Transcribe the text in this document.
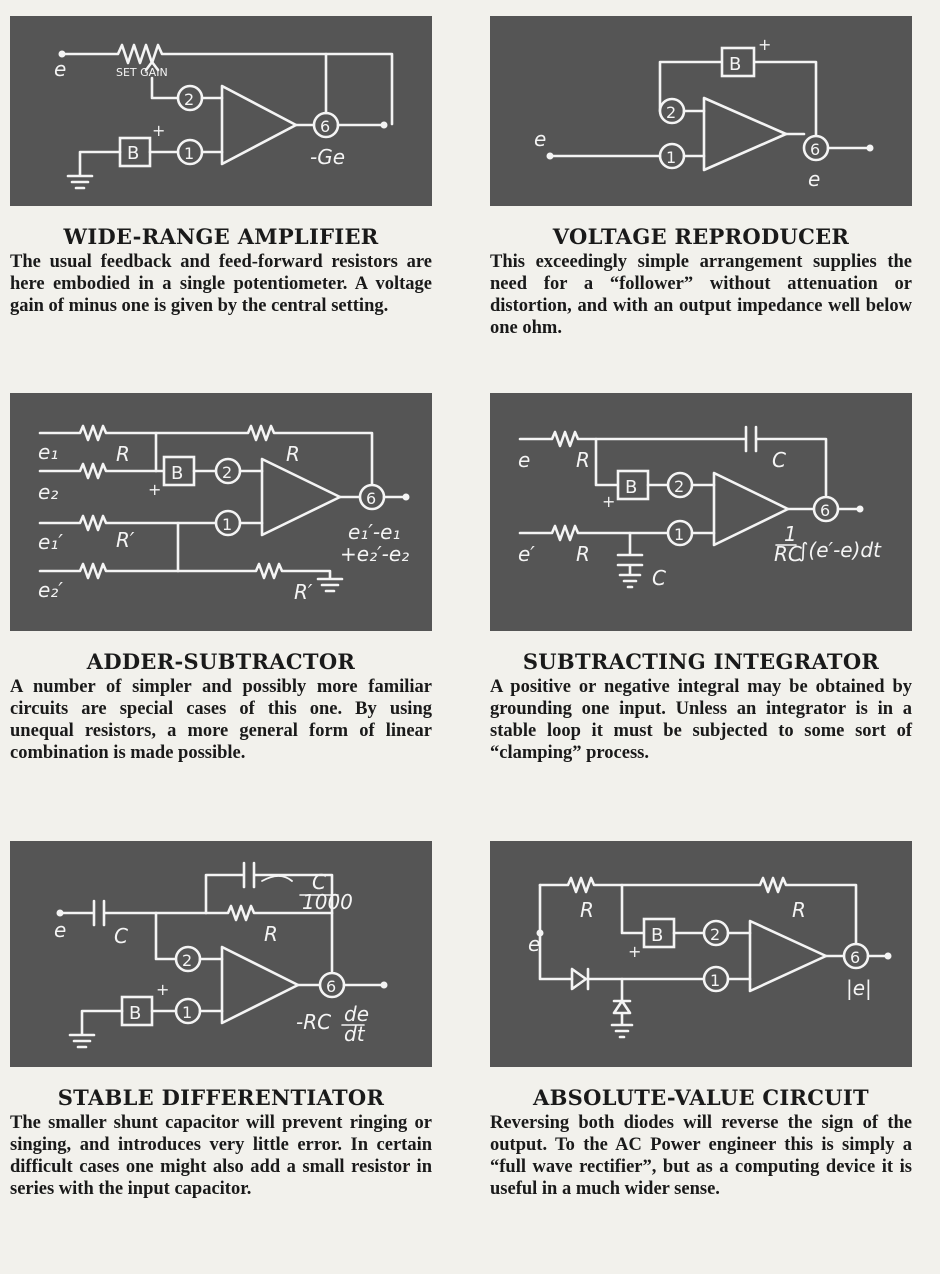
e	SET GAIN
2
1
6
B
+
-Ge
WIDE-RANGE AMPLIFIER

The usual feedback and feed-forward resistors are here embodied in a single potentiometer. A voltage gain of minus one is given by the central setting.

B
+
2
1	6
e
e
VOLTAGE REPRODUCER

This exceedingly simple arrangement supplies the need for a “follower” without attenuation or distortion, and with an output impedance well below one ohm.

e₁
e₂
e₁′
e₂′
R	R
R′
R′
B
+
2
1
6
e₁′-e₁
+e₂′-e₂
ADDER-SUBTRACTOR

A number of simpler and possibly more familiar circuits are special cases of this one. By using unequal resistors, a more general form of linear combination is made possible.

e
e′
R
R
C
C
B
+
2
1
6
1
RC
∫(e′-e)dt
SUBTRACTING INTEGRATOR

A positive or negative integral may be obtained by grounding one input. Unless an integrator is in a stable loop it must be subjected to some sort of “clamping” process.

e C	R
C
1000
B
+
2
1
6
-RC de
dt
STABLE DIFFERENTIATOR

The smaller shunt capacitor will prevent ringing or singing, and introduces very little error. In certain difficult cases one might also add a small resistor in series with the input capacitor.

e
R	R
B
+
2
1
6
|e|
ABSOLUTE-VALUE CIRCUIT

Reversing both diodes will reverse the sign of the output. To the AC Power engineer this is simply a “full wave rectifier”, but as a computing device it is useful in a much wider sense.
